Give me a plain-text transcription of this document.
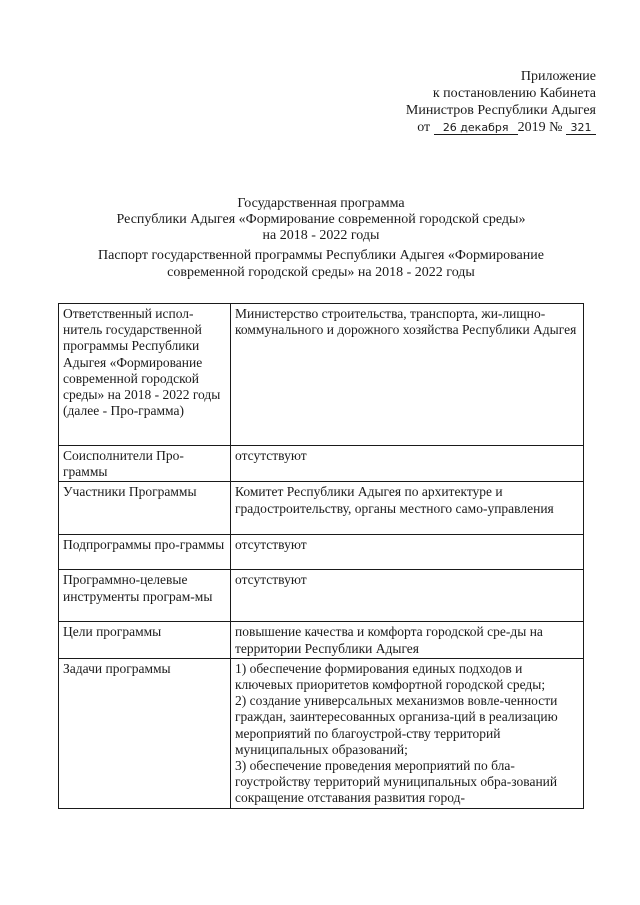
Приложение
к постановлению Кабинета
Министров Республики Адыгея
от 26 декабря 2019 № 321
Государственная программа
Республики Адыгея «Формирование современной городской среды»
на 2018 - 2022 годы
Паспорт государственной программы Республики Адыгея «Формирование
современной городской среды» на 2018 - 2022 годы
Ответственный испол-нитель государственной программы Республики Адыгея «Формирование современной городской среды» на 2018 - 2022 годы (далее - Про-грамма)	Министерство строительства, транспорта, жи-лищно-коммунального и дорожного хозяйства Республики Адыгея
Соисполнители Про-граммы	отсутствуют
Участники Программы	Комитет Республики Адыгея по архитектуре и градостроительству, органы местного само-управления
Подпрограммы про-граммы	отсутствуют
Программно-целевые инструменты програм-мы	отсутствуют
Цели программы	повышение качества и комфорта городской сре-ды на территории Республики Адыгея
Задачи программы	1) обеспечение формирования единых подходов и ключевых приоритетов комфортной городской среды;
2) создание универсальных механизмов вовле-ченности граждан, заинтересованных организа-ций в реализацию мероприятий по благоустрой-ству территорий муниципальных образований;
3) обеспечение проведения мероприятий по бла-гоустройству территорий муниципальных обра-зований сокращение отставания развития город-
